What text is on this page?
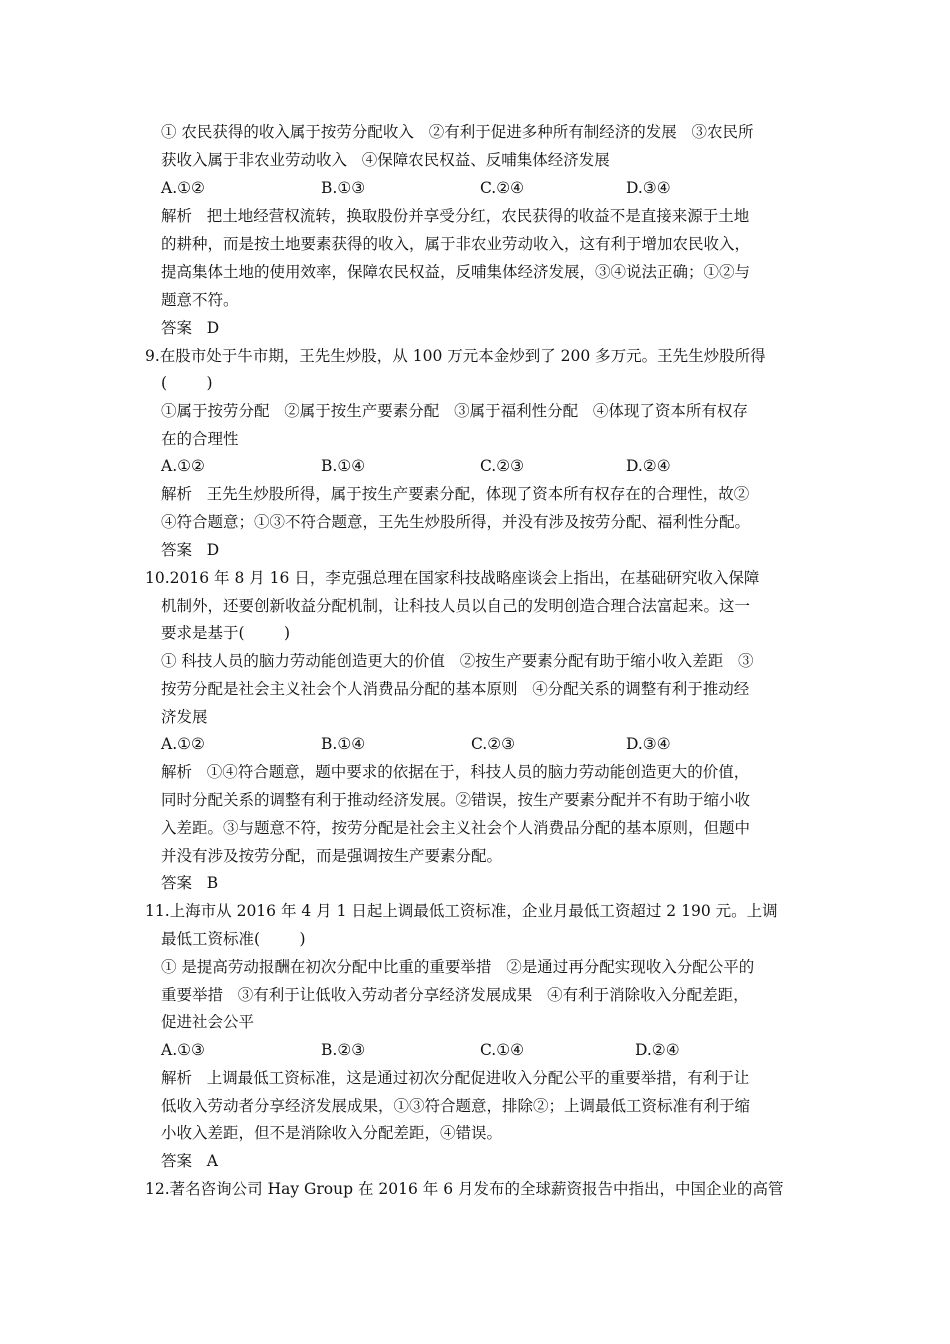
① 农民获得的收入属于按劳分配收入   ②有利于促进多种所有制经济的发展   ③农民所
获收入属于非农业劳动收入   ④保障农民权益、反哺集体经济发展
A.①②	B.①③	C.②④	D.③④
解析   把土地经营权流转，换取股份并享受分红，农民获得的收益不是直接来源于土地
的耕种，而是按土地要素获得的收入，属于非农业劳动收入，这有利于增加农民收入，
提高集体土地的使用效率，保障农民权益，反哺集体经济发展，③④说法正确；①②与
题意不符。
答案   D
9.在股市处于牛市期，王先生炒股，从 100 万元本金炒到了 200 多万元。王先生炒股所得
(        )
①属于按劳分配   ②属于按生产要素分配   ③属于福利性分配   ④体现了资本所有权存
在的合理性
A.①②	B.①④	C.②③	D.②④
解析   王先生炒股所得，属于按生产要素分配，体现了资本所有权存在的合理性，故②
④符合题意；①③不符合题意，王先生炒股所得，并没有涉及按劳分配、福利性分配。
答案   D
10.2016 年 8 月 16 日，李克强总理在国家科技战略座谈会上指出，在基础研究收入保障
机制外，还要创新收益分配机制，让科技人员以自己的发明创造合理合法富起来。这一
要求是基于(        )
① 科技人员的脑力劳动能创造更大的价值   ②按生产要素分配有助于缩小收入差距   ③
按劳分配是社会主义社会个人消费品分配的基本原则   ④分配关系的调整有利于推动经
济发展
A.①②	B.①④	C.②③	D.③④
解析   ①④符合题意，题中要求的依据在于，科技人员的脑力劳动能创造更大的价值，
同时分配关系的调整有利于推动经济发展。②错误，按生产要素分配并不有助于缩小收
入差距。③与题意不符，按劳分配是社会主义社会个人消费品分配的基本原则，但题中
并没有涉及按劳分配，而是强调按生产要素分配。
答案   B
11.上海市从 2016 年 4 月 1 日起上调最低工资标准，企业月最低工资超过 2 190 元。上调
最低工资标准(        )
① 是提高劳动报酬在初次分配中比重的重要举措   ②是通过再分配实现收入分配公平的
重要举措   ③有利于让低收入劳动者分享经济发展成果   ④有利于消除收入分配差距，
促进社会公平
A.①③	B.②③	C.①④	D.②④
解析   上调最低工资标准，这是通过初次分配促进收入分配公平的重要举措，有利于让
低收入劳动者分享经济发展成果，①③符合题意，排除②；上调最低工资标准有利于缩
小收入差距，但不是消除收入分配差距，④错误。
答案   A
12.著名咨询公司 Hay Group 在 2016 年 6 月发布的全球薪资报告中指出，中国企业的高管
